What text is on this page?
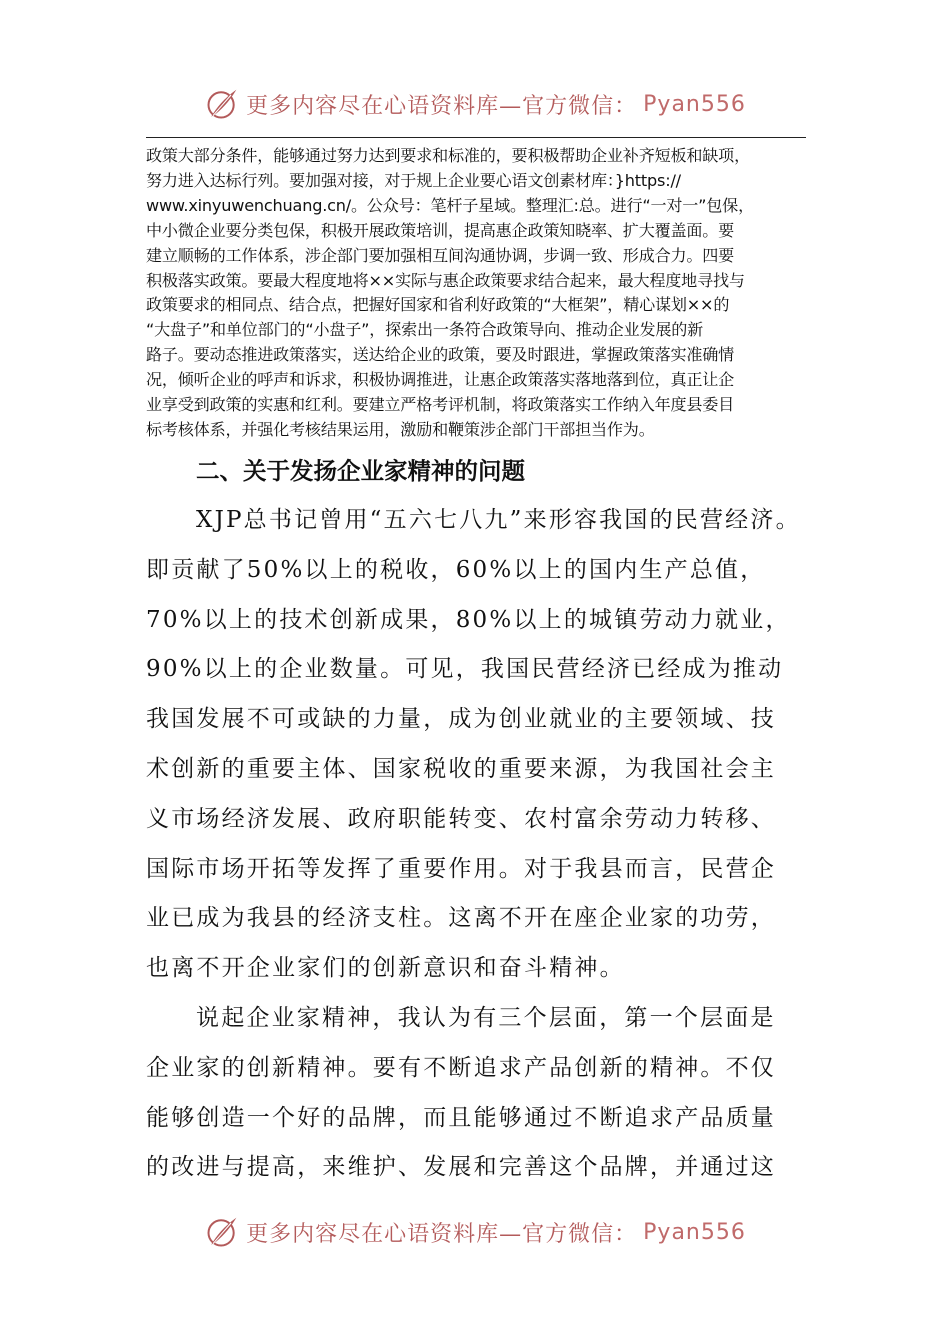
更多内容尽在心语资料库—官方微信： Pyan556
政策大部分条件，能够通过努力达到要求和标准的，要积极帮助企业补齐短板和缺项，
努力进入达标行列。要加强对接，对于规上企业要心语文创素材库：}https://
www.xinyuwenchuang.cn/。公众号：笔杆子星域。整理汇:总。进行“一对一”包保，
中小微企业要分类包保，积极开展政策培训，提高惠企政策知晓率、扩大覆盖面。要
建立顺畅的工作体系，涉企部门要加强相互间沟通协调，步调一致、形成合力。四要
积极落实政策。要最大程度地将××实际与惠企政策要求结合起来，最大程度地寻找与
政策要求的相同点、结合点，把握好国家和省利好政策的“大框架”，精心谋划××的
“大盘子”和单位部门的“小盘子”，探索出一条符合政策导向、推动企业发展的新
路子。要动态推进政策落实，送达给企业的政策，要及时跟进，掌握政策落实准确情
况，倾听企业的呼声和诉求，积极协调推进，让惠企政策落实落地落到位，真正让企
业享受到政策的实惠和红利。要建立严格考评机制，将政策落实工作纳入年度县委目
标考核体系，并强化考核结果运用，激励和鞭策涉企部门干部担当作为。
二、关于发扬企业家精神的问题
XJP总书记曾用“五六七八九”来形容我国的民营经济。
即贡献了50%以上的税收，60%以上的国内生产总值，
70%以上的技术创新成果，80%以上的城镇劳动力就业，
90%以上的企业数量。可见，我国民营经济已经成为推动
我国发展不可或缺的力量，成为创业就业的主要领域、技
术创新的重要主体、国家税收的重要来源，为我国社会主
义市场经济发展、政府职能转变、农村富余劳动力转移、
国际市场开拓等发挥了重要作用。对于我县而言，民营企
业已成为我县的经济支柱。这离不开在座企业家的功劳，
也离不开企业家们的创新意识和奋斗精神。
说起企业家精神，我认为有三个层面，第一个层面是
企业家的创新精神。要有不断追求产品创新的精神。不仅
能够创造一个好的品牌，而且能够通过不断追求产品质量
的改进与提高，来维护、发展和完善这个品牌，并通过这
更多内容尽在心语资料库—官方微信： Pyan556
